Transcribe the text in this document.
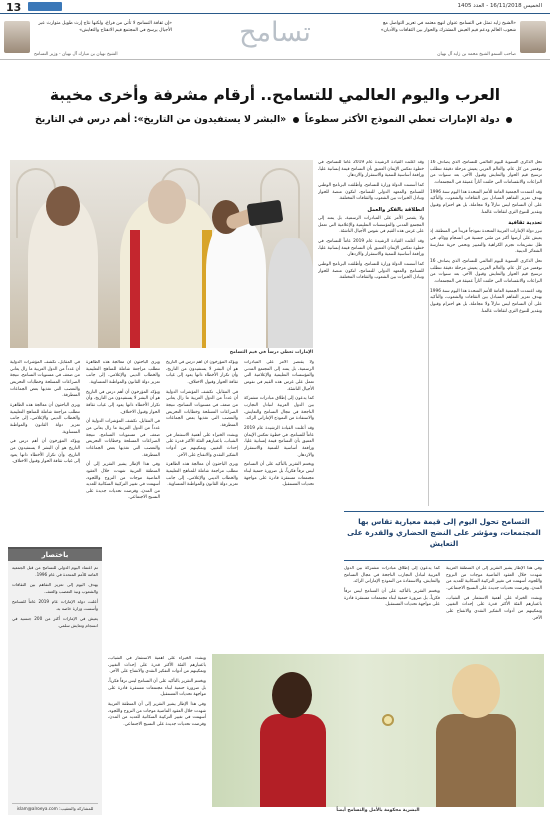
13	الخميس 16/11/2018 - العدد 1405
«الشيخ زايد تمثل في التسامح عنوان لنهج معتمد في تعزيز التواصل مع شعوب العالم ودعم قيم العيش المشترك والحوار بين الثقافات والأديان»
صاحب السمو الشيخ محمد بن زايد آل نهيان
تسامح
«إن ثقافة التسامح لا تأتي من فراغ، ولكنها نتاج إرث طويل متوارث عبر الأجيال يرسخ في المجتمع قيم الانفتاح والتعايش»
الشيخ نهيان بن مبارك آل نهيان - وزير التسامح
العرب واليوم العالمي للتسامح.. أرقام مشرفة وأخرى مخيبة
دولة الإمارات تعطي النموذج الأكثر سطوعاً  «البشر لا يستفيدون من التاريخ»: أهم درس في التاريخ

تحل الذكرى السنوية لليوم العالمي للتسامح، الذي يصادف 16 نوفمبر من كل عام، والعالم العربي يعيش مرحلة دقيقة تتطلب ترسيخ قيم الحوار والتعايش وقبول الآخر، بعد سنوات من النزاعات والانقسامات التي خلفت آثاراً عميقة في المجتمعات.

وقد اعتمدت الجمعية العامة للأمم المتحدة هذا اليوم سنة 1996 بهدف تعزيز التفاهم المتبادل بين الثقافات والشعوب، والتأكيد على أن التسامح ليس تنازلاً ولا مجاملة، بل هو احترام وقبول وتقدير للتنوع الثري لثقافات عالمنا.

تعددية ثقافية

تبرز دولة الإمارات العربية المتحدة نموذجاً فريداً في المنطقة، إذ يعيش على أرضها أكثر من مئتي جنسية في انسجام ووئام، في ظل تشريعات تجرم الكراهية والتمييز وتحمي حرية ممارسة الشعائر الدينية.

تحل الذكرى السنوية لليوم العالمي للتسامح، الذي يصادف 16 نوفمبر من كل عام، والعالم العربي يعيش مرحلة دقيقة تتطلب ترسيخ قيم الحوار والتعايش وقبول الآخر، بعد سنوات من النزاعات والانقسامات التي خلفت آثاراً عميقة في المجتمعات.

وقد اعتمدت الجمعية العامة للأمم المتحدة هذا اليوم سنة 1996 بهدف تعزيز التفاهم المتبادل بين الثقافات والشعوب، والتأكيد على أن التسامح ليس تنازلاً ولا مجاملة، بل هو احترام وقبول وتقدير للتنوع الثري لثقافات عالمنا.

وقد أعلنت القيادة الرشيدة عام 2019 عاماً للتسامح، في خطوة تعكس الإيمان العميق بأن التسامح قيمة إنسانية عليا، ورافعة أساسية للتنمية والاستقرار والازدهار.

كما أسست الدولة وزارة للتسامح، وأطلقت البرنامج الوطني للتسامح والمعهد الدولي للتسامح، لتكون منصة للحوار وتبادل الخبرات بين الشعوب والثقافات المختلفة.

انطلاقة بالفكر والعمل

ولا يقتصر الأمر على المبادرات الرسمية، بل يمتد إلى المجتمع المدني والمؤسسات التعليمية والإعلامية التي تعمل على غرس هذه القيم في نفوس الأجيال الناشئة.

وقد أعلنت القيادة الرشيدة عام 2019 عاماً للتسامح، في خطوة تعكس الإيمان العميق بأن التسامح قيمة إنسانية عليا، ورافعة أساسية للتنمية والاستقرار والازدهار.

كما أسست الدولة وزارة للتسامح، وأطلقت البرنامج الوطني للتسامح والمعهد الدولي للتسامح، لتكون منصة للحوار وتبادل الخبرات بين الشعوب والثقافات المختلفة.

الإمارات تعطي درساً في قيم التسامح

في المقابل، تكشف المؤشرات الدولية أن عدداً من الدول العربية ما زال يعاني من ضعف في مستويات التسامح، نتيجة الصراعات المسلحة وخطابات التحريض والتعصب التي تغذيها بعض الجماعات المتطرفة.

ويرى الباحثون أن معالجة هذه الظاهرة تتطلب مراجعة شاملة للمناهج التعليمية والخطاب الديني والإعلامي، إلى جانب تعزيز دولة القانون والمواطنة المتساوية.

ويؤكد المؤرخون أن أهم درس في التاريخ هو أن البشر لا يستفيدون من التاريخ، وأن تكرار الأخطاء ذاتها يعود إلى غياب ثقافة الحوار وقبول الاختلاف.

ويرى الباحثون أن معالجة هذه الظاهرة تتطلب مراجعة شاملة للمناهج التعليمية والخطاب الديني والإعلامي، إلى جانب تعزيز دولة القانون والمواطنة المتساوية.

ويؤكد المؤرخون أن أهم درس في التاريخ هو أن البشر لا يستفيدون من التاريخ، وأن تكرار الأخطاء ذاتها يعود إلى غياب ثقافة الحوار وقبول الاختلاف.

في المقابل، تكشف المؤشرات الدولية أن عدداً من الدول العربية ما زال يعاني من ضعف في مستويات التسامح، نتيجة الصراعات المسلحة وخطابات التحريض والتعصب التي تغذيها بعض الجماعات المتطرفة.

وفي هذا الإطار يشير التقرير إلى أن المنطقة العربية شهدت خلال العقود الماضية موجات من النزوح واللجوء، أسهمت في تغيير التركيبة السكانية للعديد من المدن، وفرضت تحديات جديدة على النسيج الاجتماعي.

ويؤكد المؤرخون أن أهم درس في التاريخ هو أن البشر لا يستفيدون من التاريخ، وأن تكرار الأخطاء ذاتها يعود إلى غياب ثقافة الحوار وقبول الاختلاف.

في المقابل، تكشف المؤشرات الدولية أن عدداً من الدول العربية ما زال يعاني من ضعف في مستويات التسامح، نتيجة الصراعات المسلحة وخطابات التحريض والتعصب التي تغذيها بعض الجماعات المتطرفة.

ويشدد الخبراء على أهمية الاستثمار في الشباب، باعتبارهم الفئة الأكثر قدرة على إحداث التغيير، وتمكينهم من أدوات التفكير النقدي والانفتاح على الآخر.

ويرى الباحثون أن معالجة هذه الظاهرة تتطلب مراجعة شاملة للمناهج التعليمية والخطاب الديني والإعلامي، إلى جانب تعزيز دولة القانون والمواطنة المتساوية.

ولا يقتصر الأمر على المبادرات الرسمية، بل يمتد إلى المجتمع المدني والمؤسسات التعليمية والإعلامية التي تعمل على غرس هذه القيم في نفوس الأجيال الناشئة.

كما يدعون إلى إطلاق مبادرات مشتركة بين الدول العربية لتبادل التجارب الناجحة في مجال التسامح والتعايش، والاستفادة من النموذج الإماراتي الرائد.

وقد أعلنت القيادة الرشيدة عام 2019 عاماً للتسامح، في خطوة تعكس الإيمان العميق بأن التسامح قيمة إنسانية عليا، ورافعة أساسية للتنمية والاستقرار والازدهار.

ويختتم التقرير بالتأكيد على أن التسامح ليس ترفاً فكرياً، بل ضرورة حتمية لبناء مجتمعات مستقرة قادرة على مواجهة تحديات المستقبل.

التسامح تحول اليوم إلى قيمة معيارية تقاس بها المجتمعات، ومؤشر على النضج الحضاري والقدرة على التعايش

وفي هذا الإطار يشير التقرير إلى أن المنطقة العربية شهدت خلال العقود الماضية موجات من النزوح واللجوء، أسهمت في تغيير التركيبة السكانية للعديد من المدن، وفرضت تحديات جديدة على النسيج الاجتماعي.

ويشدد الخبراء على أهمية الاستثمار في الشباب، باعتبارهم الفئة الأكثر قدرة على إحداث التغيير، وتمكينهم من أدوات التفكير النقدي والانفتاح على الآخر.

كما يدعون إلى إطلاق مبادرات مشتركة بين الدول العربية لتبادل التجارب الناجحة في مجال التسامح والتعايش، والاستفادة من النموذج الإماراتي الرائد.

ويختتم التقرير بالتأكيد على أن التسامح ليس ترفاً فكرياً، بل ضرورة حتمية لبناء مجتمعات مستقرة قادرة على مواجهة تحديات المستقبل.

باختصار

تم اعتماد اليوم الدولي للتسامح من قبل الجمعية العامة للأمم المتحدة في عام 1996.

يهدف اليوم إلى تعزيز التفاهم بين الثقافات والشعوب ونبذ التعصب والعنف.

أعلنت دولة الإمارات عام 2019 عاماً للتسامح وأسست وزارة خاصة به.

يعيش في الإمارات أكثر من 200 جنسية في انسجام وتعايش سلمي.

للمشاركة والتعقيب: islam@alroeya.com

ويشدد الخبراء على أهمية الاستثمار في الشباب، باعتبارهم الفئة الأكثر قدرة على إحداث التغيير، وتمكينهم من أدوات التفكير النقدي والانفتاح على الآخر.

ويختتم التقرير بالتأكيد على أن التسامح ليس ترفاً فكرياً، بل ضرورة حتمية لبناء مجتمعات مستقرة قادرة على مواجهة تحديات المستقبل.

وفي هذا الإطار يشير التقرير إلى أن المنطقة العربية شهدت خلال العقود الماضية موجات من النزوح واللجوء، أسهمت في تغيير التركيبة السكانية للعديد من المدن، وفرضت تحديات جديدة على النسيج الاجتماعي.

البشرية محكومة بالأمل والتسامح أيضاً
